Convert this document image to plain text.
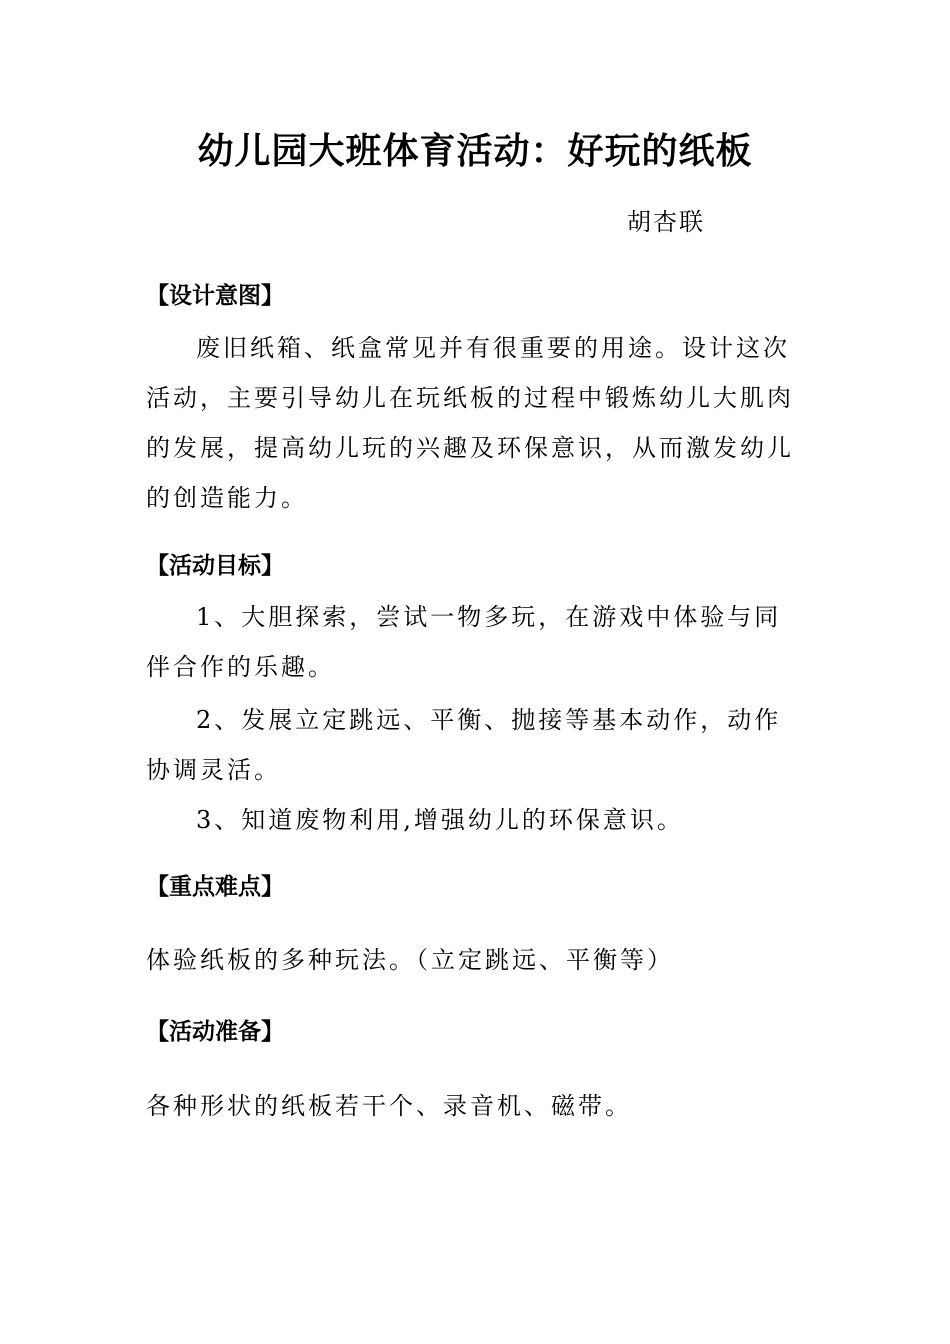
幼儿园大班体育活动：好玩的纸板
胡杏联
【设计意图】

废旧纸箱、纸盒常见并有很重要的用途。设计这次活动，主要引导幼儿在玩纸板的过程中锻炼幼儿大肌肉的发展，提高幼儿玩的兴趣及环保意识，从而激发幼儿的创造能力。

【活动目标】

1、大胆探索，尝试一物多玩，在游戏中体验与同伴合作的乐趣。

2、发展立定跳远、平衡、抛接等基本动作，动作协调灵活。

3、知道废物利用,增强幼儿的环保意识。

【重点难点】

体验纸板的多种玩法。（立定跳远、平衡等）

【活动准备】

各种形状的纸板若干个、录音机、磁带。
